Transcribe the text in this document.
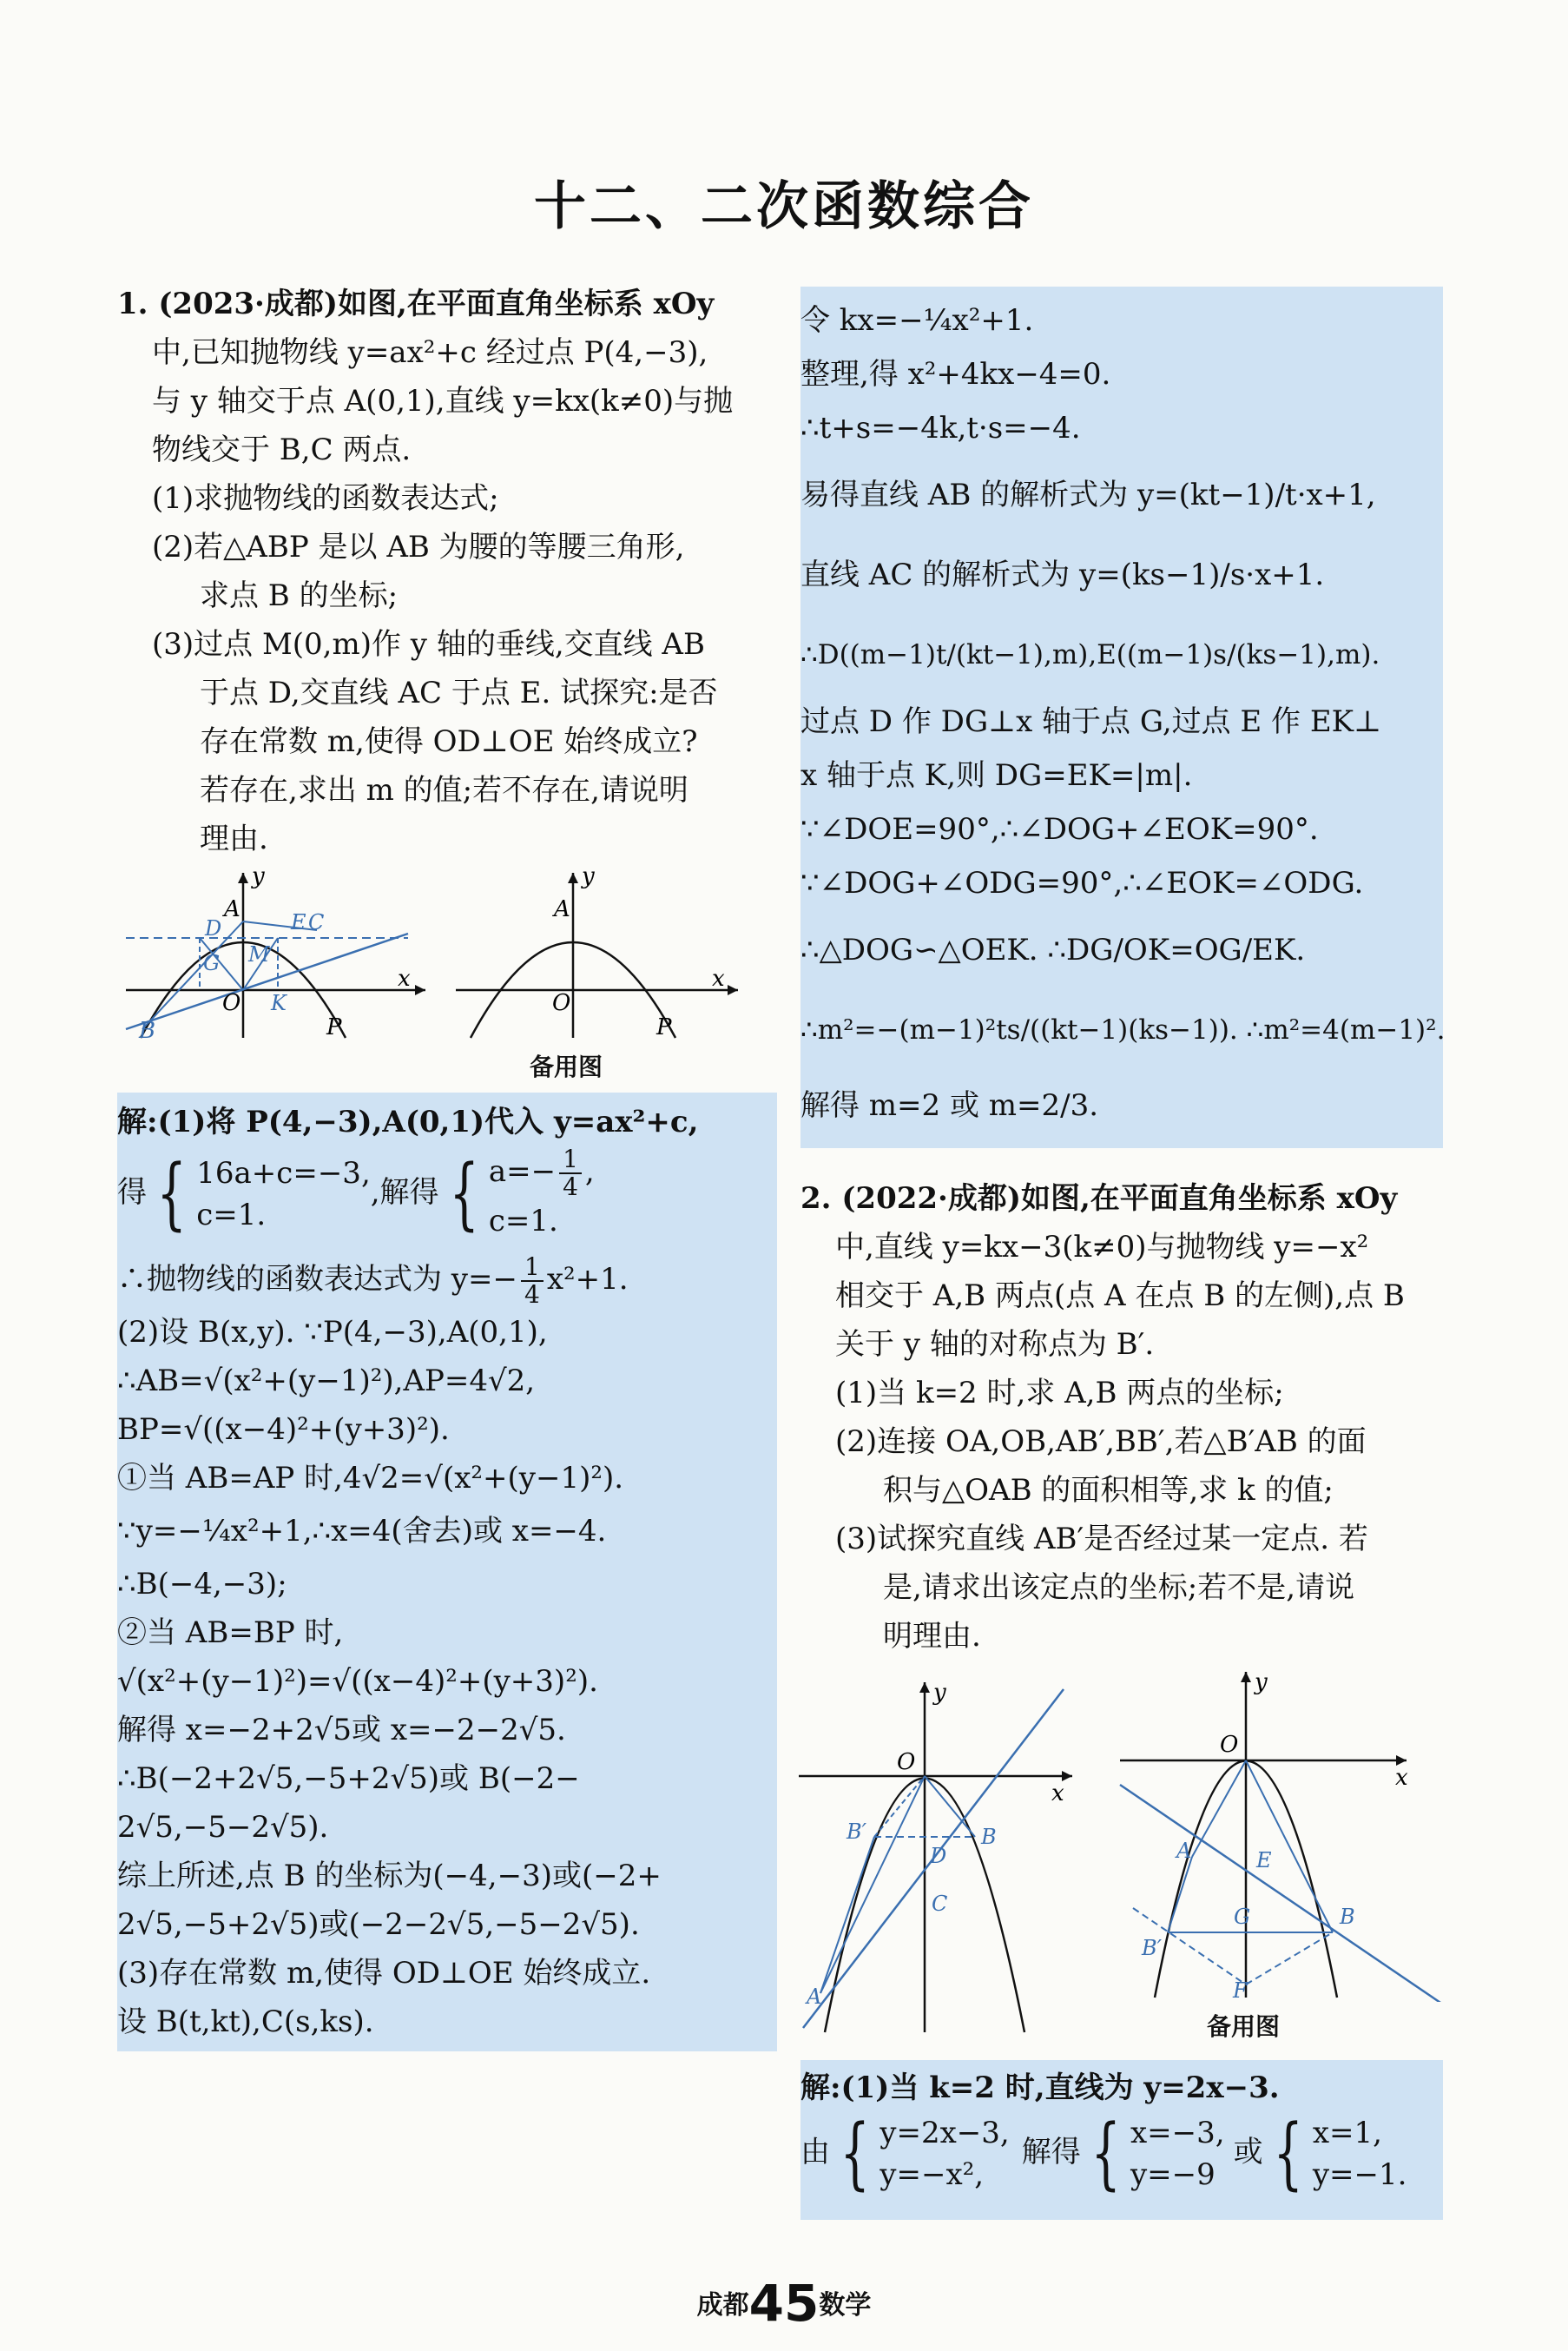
十二、二次函数综合
1. (2023·成都)如图,在平面直角坐标系 xOy
中,已知抛物线 y=ax²+c 经过点 P(4,−3),
与 y 轴交于点 A(0,1),直线 y=kx(k≠0)与抛
物线交于 B,C 两点.
(1)求抛物线的函数表达式;
(2)若△ABP 是以 AB 为腰的等腰三角形,
求点 B 的坐标;
(3)过点 M(0,m)作 y 轴的垂线,交直线 AB
于点 D,交直线 AC 于点 E. 试探究:是否
存在常数 m,使得 OD⊥OE 始终成立?
若存在,求出 m 的值;若不存在,请说明
理由.
y
A
O
x
B
E C
D
M
G
K
P
y
A
O
x
P
备用图
解:(1)将 P(4,−3),A(0,1)代入 y=ax²+c,
得 { 16a+c=−3,
c=1.
,解得 { $a=- \frac{1}{4}$ ,
c=1.
∴抛物线的函数表达式为 $y=- \frac{1}{4} x^2+1$.
(2)设 B(x,y). ∵P(4,−3),A(0,1),
∴AB=√(x²+(y−1)²),AP=4√2,
BP=√((x−4)²+(y+3)²).
①当 AB=AP 时,4√2=√(x²+(y−1)²).
∵y=−¼x²+1,∴x=4(舍去)或 x=−4.
∴B(−4,−3);
②当 AB=BP 时,
√(x²+(y−1)²)=√((x−4)²+(y+3)²).
解得 x=−2+2√5或 x=−2−2√5.
∴B(−2+2√5,−5+2√5)或 B(−2−
2√5,−5−2√5).
综上所述,点 B 的坐标为(−4,−3)或(−2+
2√5,−5+2√5)或(−2−2√5,−5−2√5).
(3)存在常数 m,使得 OD⊥OE 始终成立.
设 B(t,kt),C(s,ks).
令 kx=−¼x²+1.
整理,得 x²+4kx−4=0.
∴t+s=−4k,t·s=−4.
易得直线 AB 的解析式为 y=(kt−1)/t·x+1,
直线 AC 的解析式为 y=(ks−1)/s·x+1.
∴D((m−1)t/(kt−1),m),E((m−1)s/(ks−1),m).
过点 D 作 DG⊥x 轴于点 G,过点 E 作 EK⊥
x 轴于点 K,则 DG=EK=|m|.
∵∠DOE=90°,∴∠DOG+∠EOK=90°.
∵∠DOG+∠ODG=90°,∴∠EOK=∠ODG.
∴△DOG∽△OEK. ∴DG/OK=OG/EK.
∴m²=−(m−1)²ts/((kt−1)(ks−1)). ∴m²=4(m−1)².
解得 m=2 或 m=2/3.
2. (2022·成都)如图,在平面直角坐标系 xOy
中,直线 y=kx−3(k≠0)与抛物线 y=−x²
相交于 A,B 两点(点 A 在点 B 的左侧),点 B
关于 y 轴的对称点为 B′.
(1)当 k=2 时,求 A,B 两点的坐标;
(2)连接 OA,OB,AB′,BB′,若△B′AB 的面
积与△OAB 的面积相等,求 k 的值;
(3)试探究直线 AB′是否经过某一定点. 若
是,请求出该定点的坐标;若不是,请说
明理由.
y
O
x
B′	B
D
C
A
y
O
x
A	E
G	B
B′
F
备用图
解:(1)当 k=2 时,直线为 y=2x−3.
由 { y=2x−3,
y=−x²,
解得 { x=−3,
y=−9
或 { x=1,
y=−1.
成都45数学
